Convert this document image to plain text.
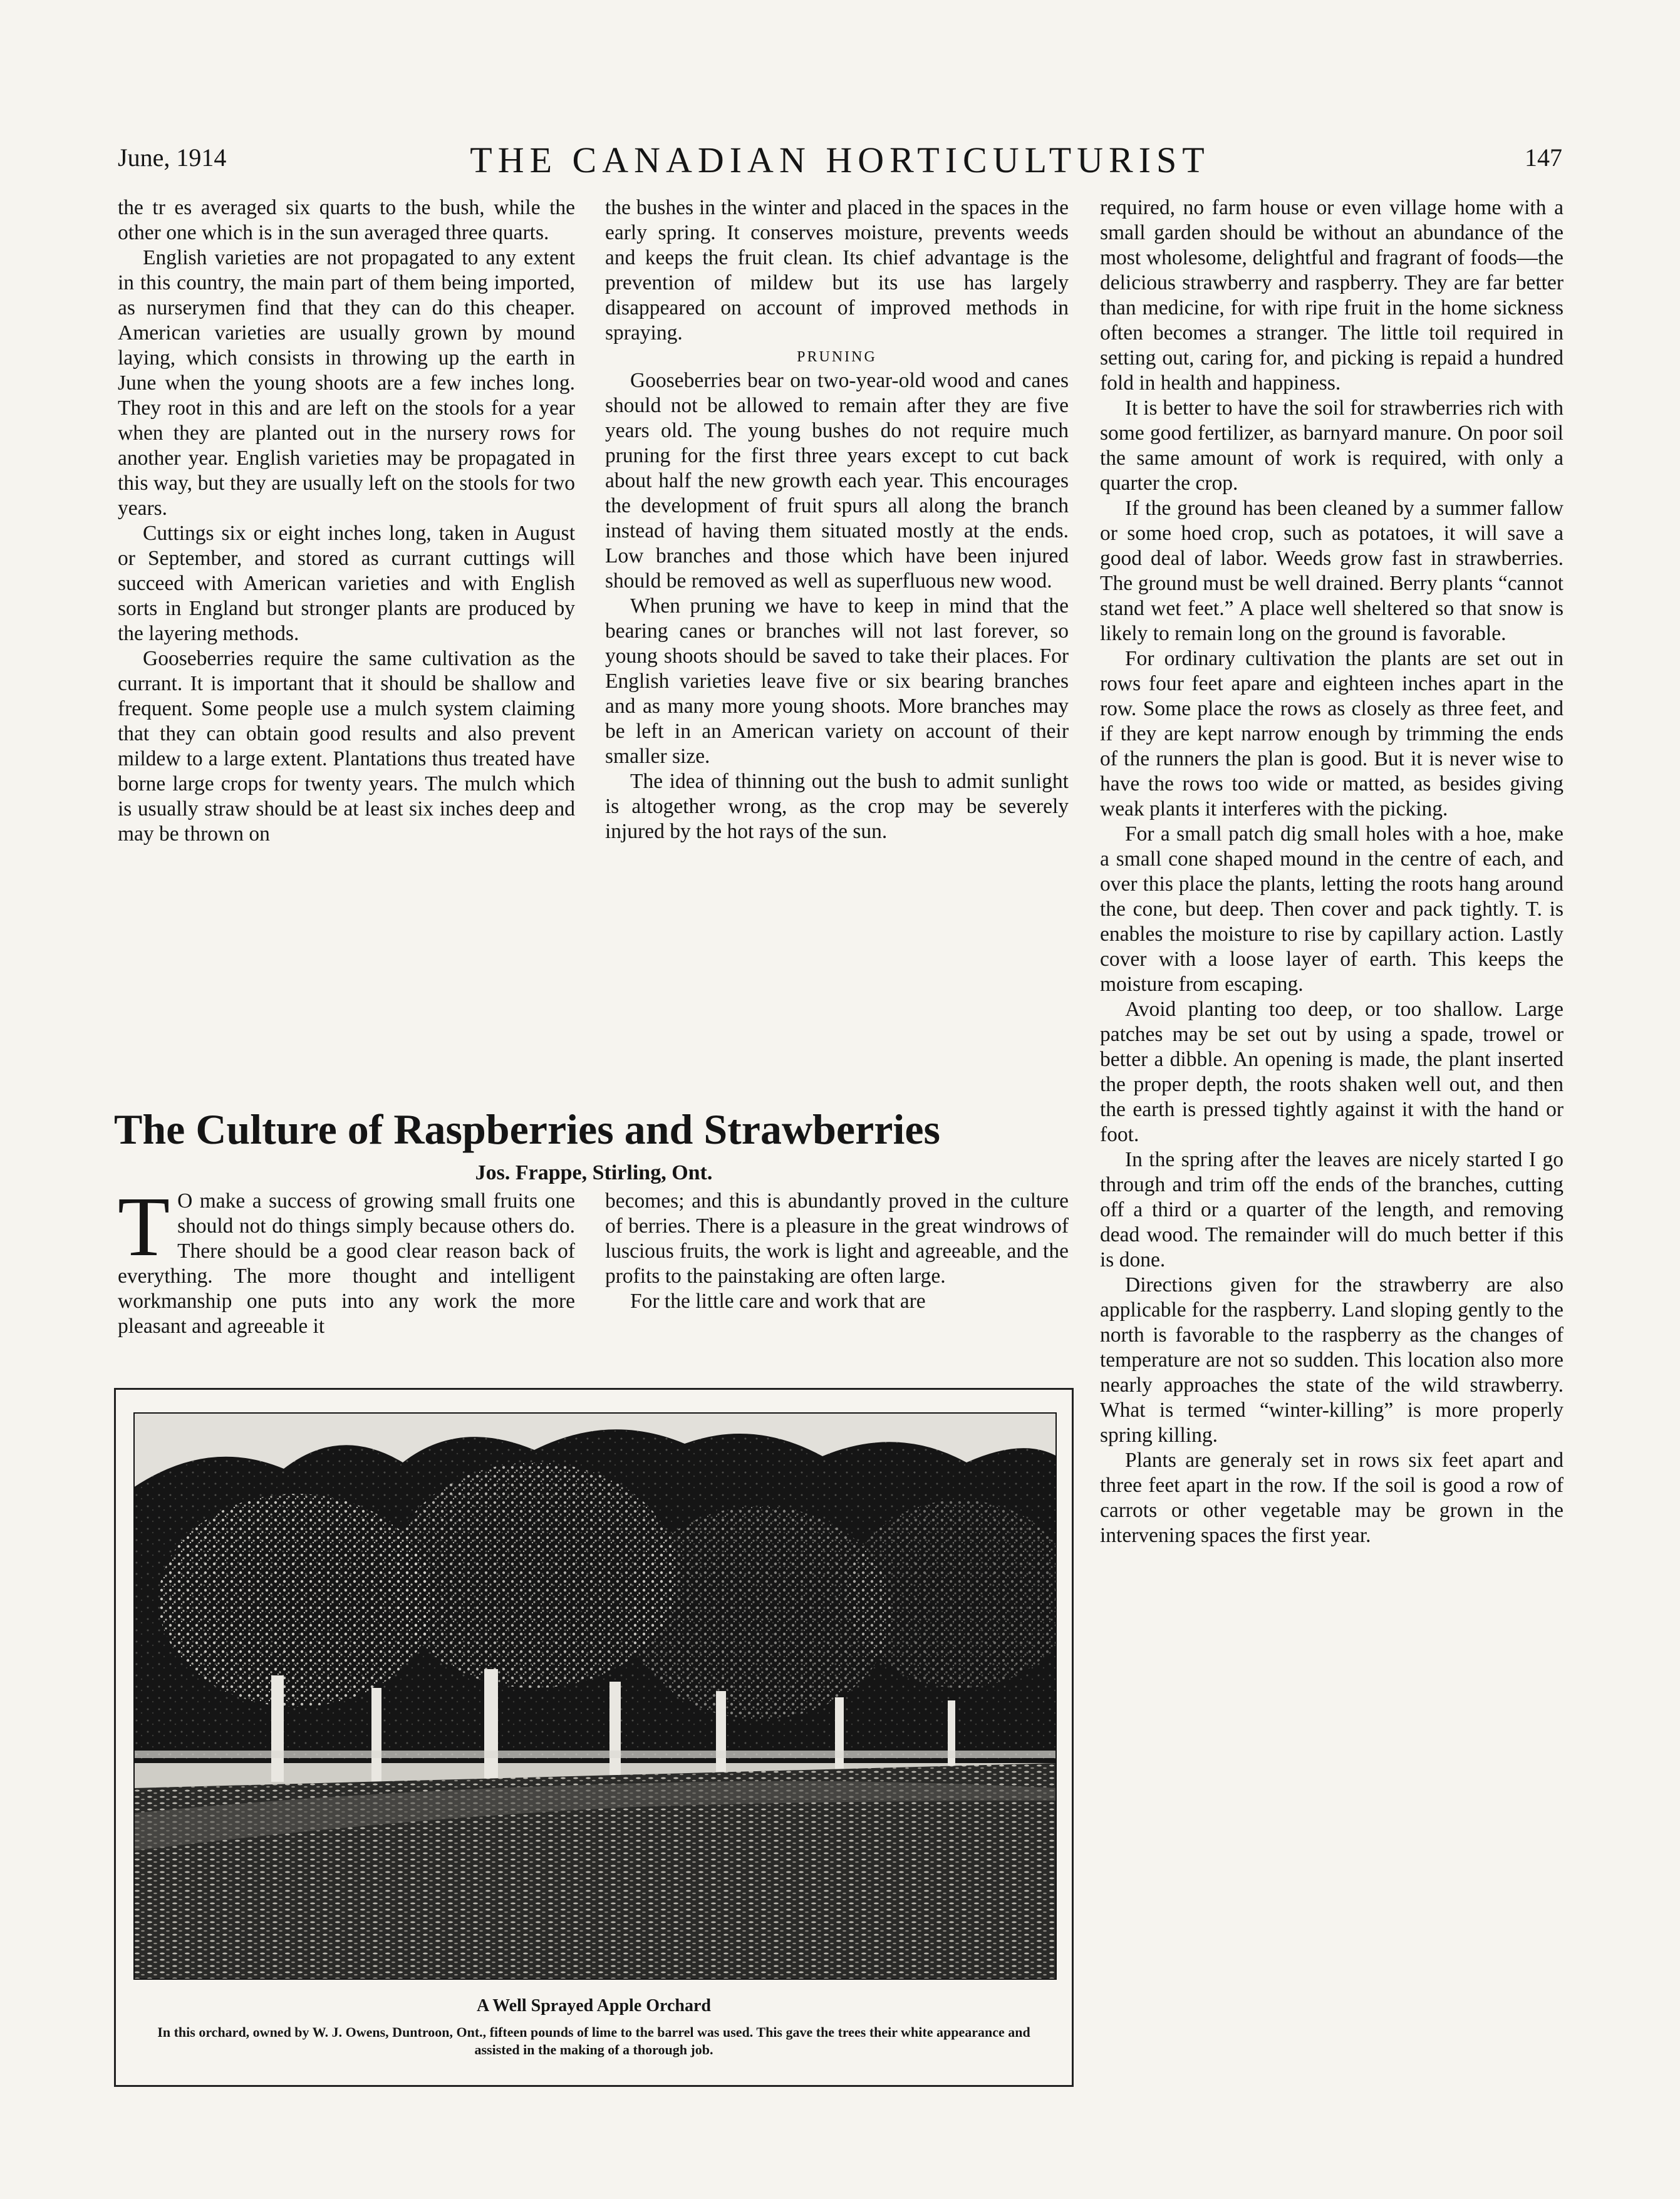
June, 1914	THE CANADIAN HORTICULTURIST	147

the tr es averaged six quarts to the bush, while the other one which is in the sun averaged three quarts.

English varieties are not propagated to any extent in this country, the main part of them being imported, as nurserymen find that they can do this cheaper. American varieties are usually grown by mound laying, which consists in throwing up the earth in June when the young shoots are a few inches long. They root in this and are left on the stools for a year when they are planted out in the nursery rows for another year. English varieties may be propagated in this way, but they are usually left on the stools for two years.

Cuttings six or eight inches long, taken in August or September, and stored as currant cuttings will succeed with American varieties and with English sorts in England but stronger plants are produced by the layering methods.

Gooseberries require the same cultivation as the currant. It is important that it should be shallow and frequent. Some people use a mulch system claiming that they can obtain good results and also prevent mildew to a large extent. Plantations thus treated have borne large crops for twenty years. The mulch which is usually straw should be at least six inches deep and may be thrown on

the bushes in the winter and placed in the spaces in the early spring. It conserves moisture, prevents weeds and keeps the fruit clean. Its chief advantage is the prevention of mildew but its use has largely disappeared on account of improved methods in spraying.

PRUNING

Gooseberries bear on two-year-old wood and canes should not be allowed to remain after they are five years old. The young bushes do not require much pruning for the first three years except to cut back about half the new growth each year. This encourages the development of fruit spurs all along the branch instead of having them situated mostly at the ends. Low branches and those which have been injured should be removed as well as superfluous new wood.

When pruning we have to keep in mind that the bearing canes or branches will not last forever, so young shoots should be saved to take their places. For English varieties leave five or six bearing branches and as many more young shoots. More branches may be left in an American variety on account of their smaller size.

The idea of thinning out the bush to admit sunlight is altogether wrong, as the crop may be severely injured by the hot rays of the sun.

The Culture of Raspberries and Strawberries
Jos. Frappe, Stirling, Ont.
T O make a success of growing small fruits one should not do things simply because others do. There should be a good clear reason back of everything. The more thought and intelligent workmanship one puts into any work the more pleasant and agreeable it

becomes; and this is abundantly proved in the culture of berries. There is a pleasure in the great windrows of luscious fruits, the work is light and agreeable, and the profits to the painstaking are often large.

For the little care and work that are

required, no farm house or even village home with a small garden should be without an abundance of the most wholesome, delightful and fragrant of foods—the delicious strawberry and raspberry. They are far better than medicine, for with ripe fruit in the home sickness often becomes a stranger. The little toil required in setting out, caring for, and picking is repaid a hundred fold in health and happiness.

It is better to have the soil for strawberries rich with some good fertilizer, as barnyard manure. On poor soil the same amount of work is required, with only a quarter the crop.

If the ground has been cleaned by a summer fallow or some hoed crop, such as potatoes, it will save a good deal of labor. Weeds grow fast in strawberries. The ground must be well drained. Berry plants “cannot stand wet feet.” A place well sheltered so that snow is likely to remain long on the ground is favorable.

For ordinary cultivation the plants are set out in rows four feet apare and eighteen inches apart in the row. Some place the rows as closely as three feet, and if they are kept narrow enough by trimming the ends of the runners the plan is good. But it is never wise to have the rows too wide or matted, as besides giving weak plants it interferes with the picking.

For a small patch dig small holes with a hoe, make a small cone shaped mound in the centre of each, and over this place the plants, letting the roots hang around the cone, but deep. Then cover and pack tightly. T. is enables the moisture to rise by capillary action. Lastly cover with a loose layer of earth. This keeps the moisture from escaping.

Avoid planting too deep, or too shallow. Large patches may be set out by using a spade, trowel or better a dibble. An opening is made, the plant inserted the proper depth, the roots shaken well out, and then the earth is pressed tightly against it with the hand or foot.

In the spring after the leaves are nicely started I go through and trim off the ends of the branches, cutting off a third or a quarter of the length, and removing dead wood. The remainder will do much better if this is done.

Directions given for the strawberry are also applicable for the raspberry. Land sloping gently to the north is favorable to the raspberry as the changes of temperature are not so sudden. This location also more nearly approaches the state of the wild strawberry. What is termed “winter-killing” is more properly spring killing.

Plants are generaly set in rows six feet apart and three feet apart in the row. If the soil is good a row of carrots or other vegetable may be grown in the intervening spaces the first year.

A Well Sprayed Apple Orchard
In this orchard, owned by W. J. Owens, Duntroon, Ont., fifteen pounds of lime to the barrel was used. This gave the trees their white appearance and assisted in the making of a thorough job.
